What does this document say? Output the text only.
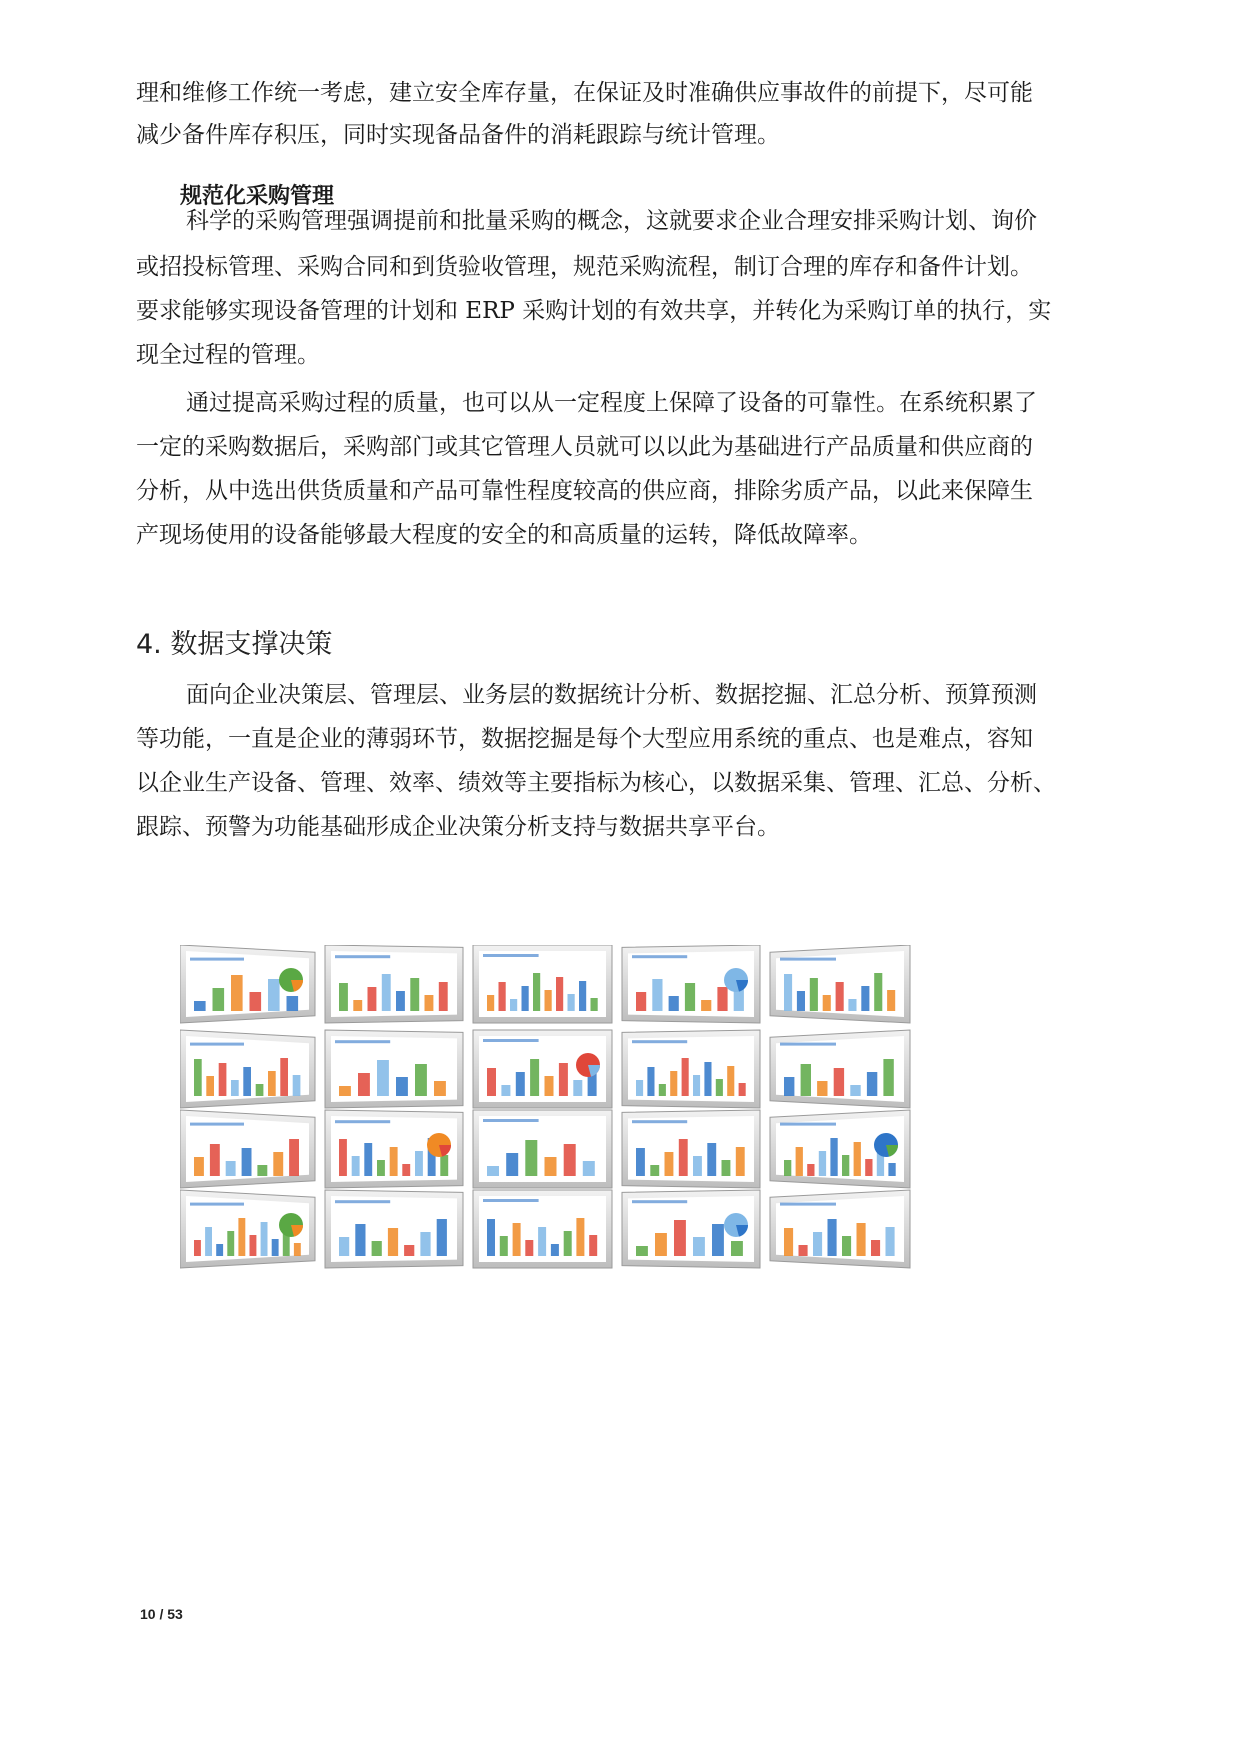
理和维修工作统一考虑，建立安全库存量，在保证及时准确供应事故件的前提下，尽可能

减少备件库存积压，同时实现备品备件的消耗跟踪与统计管理。

规范化采购管理

科学的采购管理强调提前和批量采购的概念，这就要求企业合理安排采购计划、询价

或招投标管理、采购合同和到货验收管理，规范采购流程，制订合理的库存和备件计划。

要求能够实现设备管理的计划和 ERP 采购计划的有效共享，并转化为采购订单的执行，实

现全过程的管理。

通过提高采购过程的质量，也可以从一定程度上保障了设备的可靠性。在系统积累了

一定的采购数据后，采购部门或其它管理人员就可以以此为基础进行产品质量和供应商的

分析，从中选出供货质量和产品可靠性程度较高的供应商，排除劣质产品，以此来保障生

产现场使用的设备能够最大程度的安全的和高质量的运转，降低故障率。

4. 数据支撑决策

面向企业决策层、管理层、业务层的数据统计分析、数据挖掘、汇总分析、预算预测

等功能，一直是企业的薄弱环节，数据挖掘是每个大型应用系统的重点、也是难点，容知

以企业生产设备、管理、效率、绩效等主要指标为核心，以数据采集、管理、汇总、分析、

跟踪、预警为功能基础形成企业决策分析支持与数据共享平台。

10 / 53
